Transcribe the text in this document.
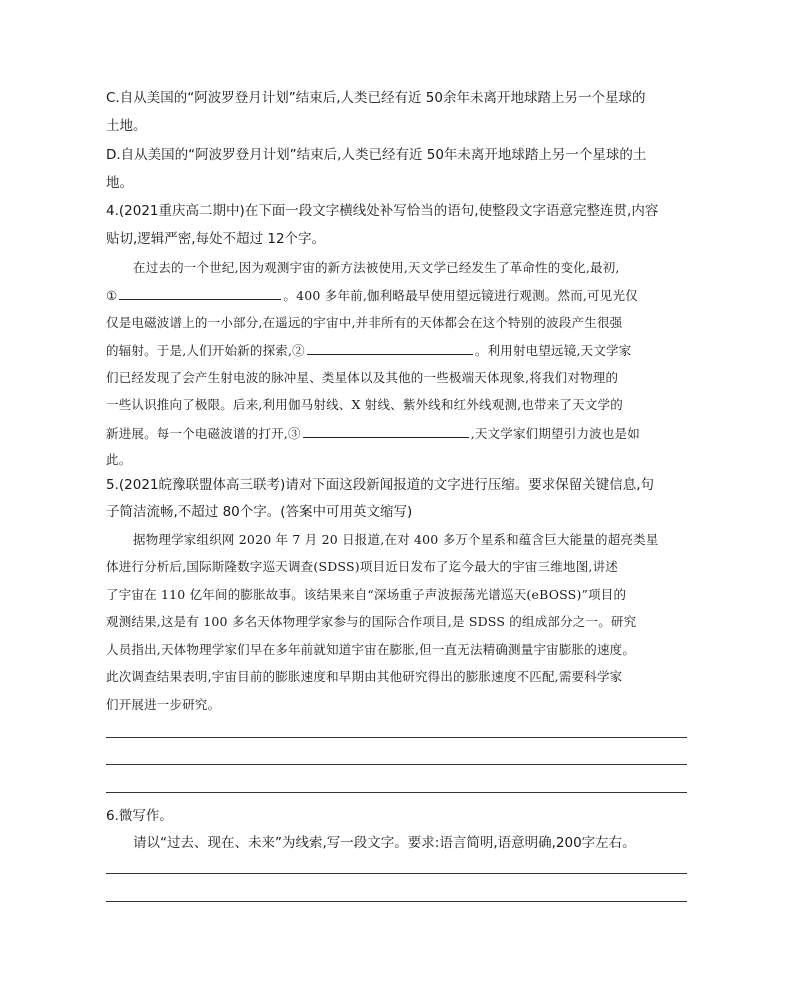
C.自从美国的“阿波罗登月计划”结束后,人类已经有近 50余年未离开地球踏上另一个星球的
土地。
D.自从美国的“阿波罗登月计划”结束后,人类已经有近 50年未离开地球踏上另一个星球的土
地。
4.(2021重庆高二期中)在下面一段文字横线处补写恰当的语句,使整段文字语意完整连贯,内容
贴切,逻辑严密,每处不超过 12个字。
在过去的一个世纪,因为观测宇宙的新方法被使用,天文学已经发生了革命性的变化,最初,
①	。400 多年前,伽利略最早使用望远镜进行观测。然而,可见光仅
仅是电磁波谱上的一小部分,在遥远的宇宙中,并非所有的天体都会在这个特别的波段产生很强
的辐射。于是,人们开始新的探索,②	。利用射电望远镜,天文学家
们已经发现了会产生射电波的脉冲星、类星体以及其他的一些极端天体现象,将我们对物理的
一些认识推向了极限。后来,利用伽马射线、X 射线、紫外线和红外线观测,也带来了天文学的
新进展。每一个电磁波谱的打开,③	,天文学家们期望引力波也是如
此。
5.(2021皖豫联盟体高三联考)请对下面这段新闻报道的文字进行压缩。要求保留关键信息,句
子简洁流畅,不超过 80个字。(答案中可用英文缩写)
据物理学家组织网 2020 年 7 月 20 日报道,在对 400 多万个星系和蕴含巨大能量的超亮类星
体进行分析后,国际斯隆数字巡天调查(SDSS)项目近日发布了迄今最大的宇宙三维地图,讲述
了宇宙在 110 亿年间的膨胀故事。该结果来自“深场重子声波振荡光谱巡天(eBOSS)”项目的
观测结果,这是有 100 多名天体物理学家参与的国际合作项目,是 SDSS 的组成部分之一。研究
人员指出,天体物理学家们早在多年前就知道宇宙在膨胀,但一直无法精确测量宇宙膨胀的速度。
此次调查结果表明,宇宙目前的膨胀速度和早期由其他研究得出的膨胀速度不匹配,需要科学家
们开展进一步研究。
6.微写作。
请以“过去、现在、未来”为线索,写一段文字。要求:语言简明,语意明确,200字左右。
